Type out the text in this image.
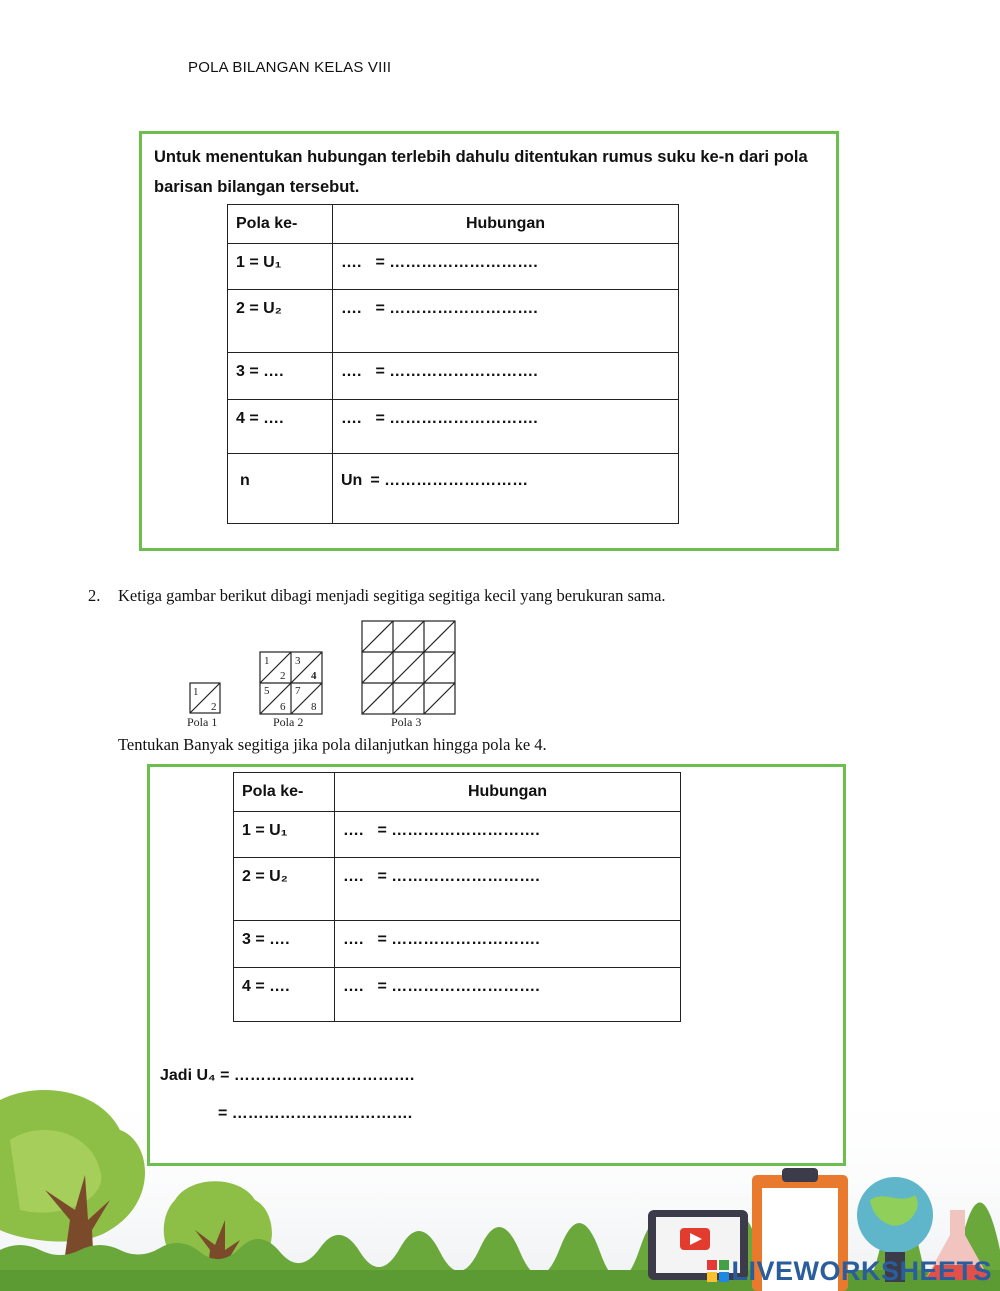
POLA BILANGAN KELAS VIII
Untuk menentukan hubungan terlebih dahulu ditentukan rumus suku ke-n dari pola barisan bilangan tersebut.
Pola ke-	Hubungan
1 = U₁	…. = ……………………….
2 = U₂	…. = ……………………….
3 = ….	…. = ……………………….
4 = ….	…. = ……………………….
n	Un = ………………………
2. Ketiga gambar berikut dibagi menjadi segitiga segitiga kecil yang berukuran sama.
1
2
Pola 1
1
2
3
4
5
6
7
8
Pola 2	Pola 3
Tentukan Banyak segitiga jika pola dilanjutkan hingga pola ke 4.
Pola ke-	Hubungan
1 = U₁	…. = ……………………….
2 = U₂	…. = ……………………….
3 = ….	…. = ……………………….
4 = ….	…. = ……………………….
Jadi U₄ = …………………………….
= …………………………….
LIVEWORKSHEETS
